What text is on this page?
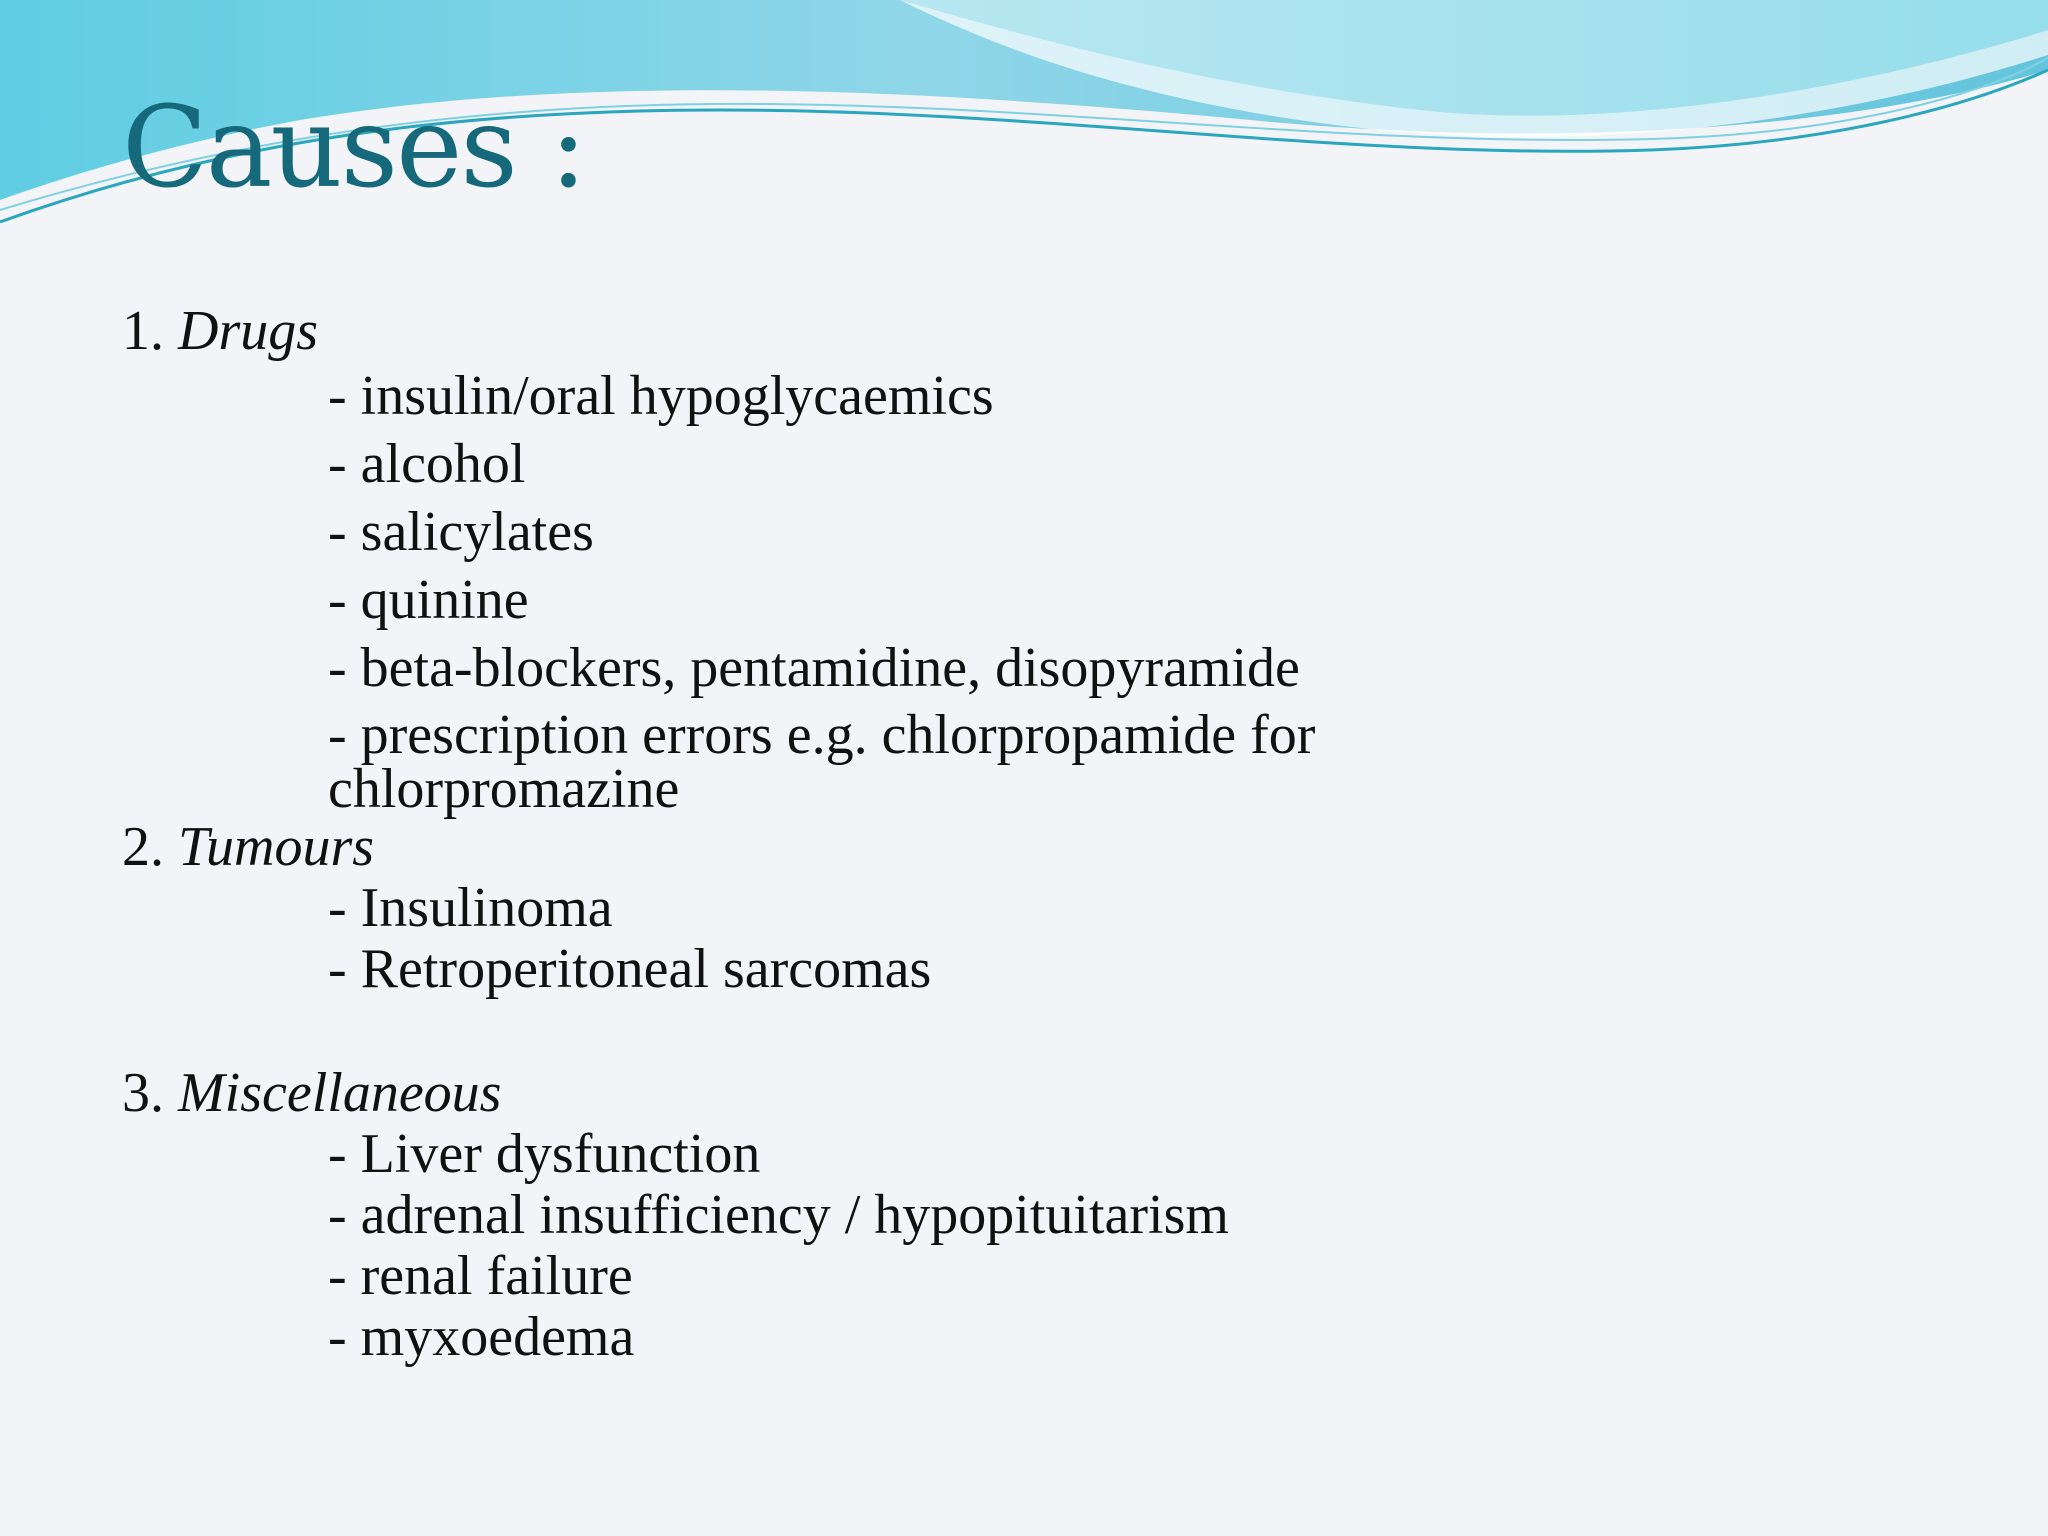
Causes :
1. Drugs
- insulin/oral hypoglycaemics
- alcohol
- salicylates
- quinine
- beta-blockers, pentamidine, disopyramide
- prescription errors e.g. chlorpropamide for chlorpromazine
2. Tumours
- Insulinoma
- Retroperitoneal sarcomas
3. Miscellaneous
- Liver dysfunction
- adrenal insufficiency / hypopituitarism
- renal failure
- myxoedema
